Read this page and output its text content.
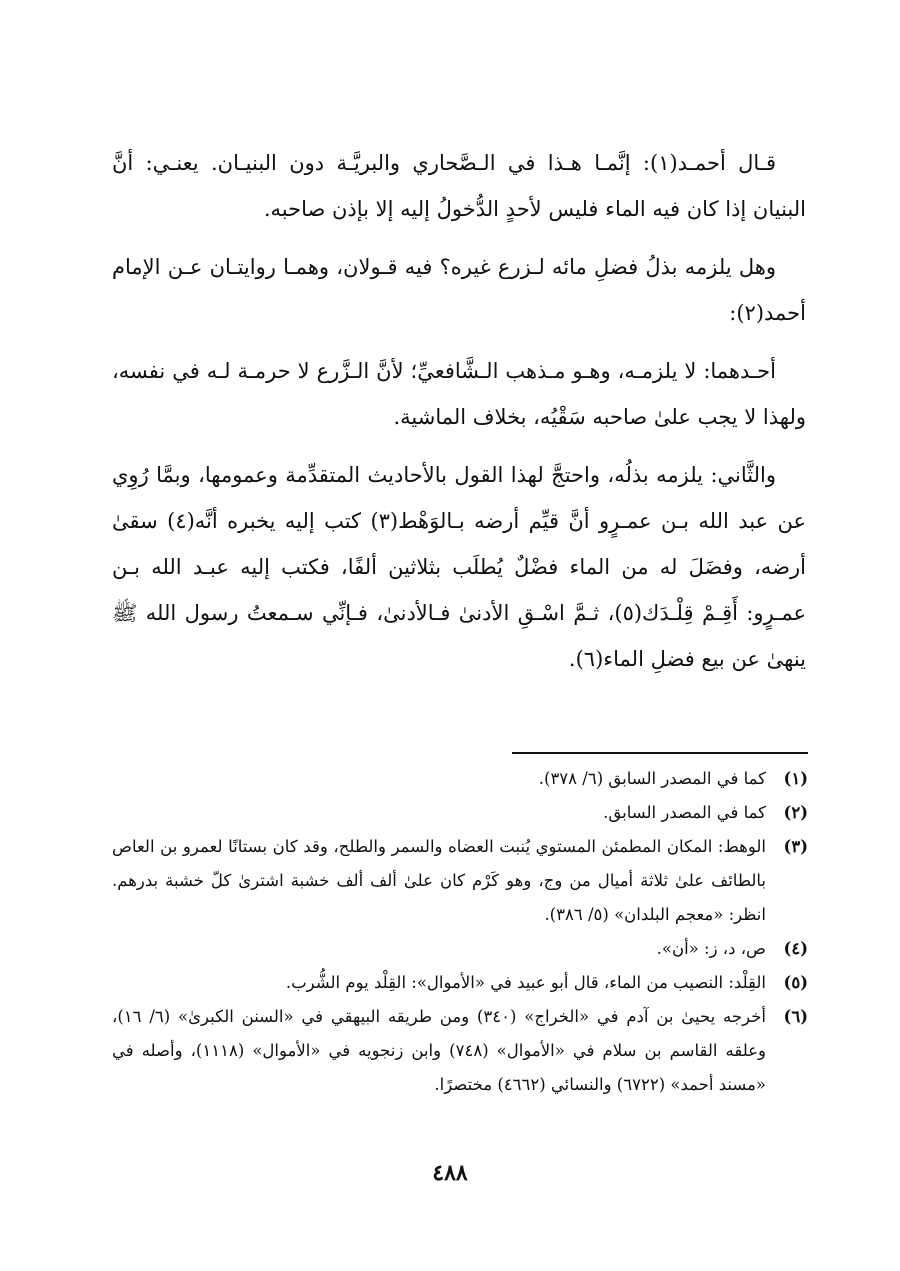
قـال أحمـد(١): إنَّمـا هـذا في الـصَّحاري والبريَّـة دون البنيـان. يعنـي: أنَّ البنيان إذا كان فيه الماء فليس لأحدٍ الدُّخولُ إليه إلا بإذن صاحبه.

وهل يلزمه بذلُ فضلِ مائه لـزرع غيره؟ فيه قـولان، وهمـا روايتـان عـن الإمام أحمد(٢):

أحـدهما: لا يلزمـه، وهـو مـذهب الـشَّافعيِّ؛ لأنَّ الـزَّرع لا حرمـة لـه في نفسه، ولهذا لا يجب علىٰ صاحبه سَقْيُه، بخلاف الماشية.

والثَّاني: يلزمه بذلُه، واحتجَّ لهذا القول بالأحاديث المتقدِّمة وعمومها، وبمَّا رُوِي عن عبد الله بـن عمـرٍو أنَّ قيِّم أرضه بـالوَهْط(٣) كتب إليه يخبره أنَّه(٤) سقىٰ أرضه، وفضَلَ له من الماء فضْلٌ يُطلَب بثلاثين ألفًا، فكتب إليه عبـد الله بـن عمـرٍو: أَقِـمْ قِلْـدَك(٥)، ثـمَّ اسْـقِ الأدنىٰ فـالأدنىٰ، فـإنِّي سـمعتُ رسول الله ﷺ ينهىٰ عن بيع فضلِ الماء(٦).

(١)
كما في المصدر السابق (٦/ ٣٧٨).
(٢)
كما في المصدر السابق.
(٣)
الوهط: المكان المطمئن المستوي يُنبت العضاه والسمر والطلح، وقد كان بستانًا لعمرو بن العاص بالطائف علىٰ ثلاثة أميال من وج، وهو كَرْم كان علىٰ ألف ألف خشبة اشترىٰ كلّ خشبة بدرهم. انظر: «معجم البلدان» (٥/ ٣٨٦).
(٤)
ص، د، ز: «أن».
(٥)
القِلْد: النصيب من الماء، قال أبو عبيد في «الأموال»: القِلْد يوم الشُّرب.
(٦)
أخرجه يحيىٰ بن آدم في «الخراج» (٣٤٠) ومن طريقه البيهقي في «السنن الكبرىٰ» (٦/ ١٦)، وعلقه القاسم بن سلام في «الأموال» (٧٤٨) وابن زنجويه في «الأموال» (١١١٨)، وأصله في «مسند أحمد» (٦٧٢٢) والنسائي (٤٦٦٢) مختصرًا.
٤٨٨
